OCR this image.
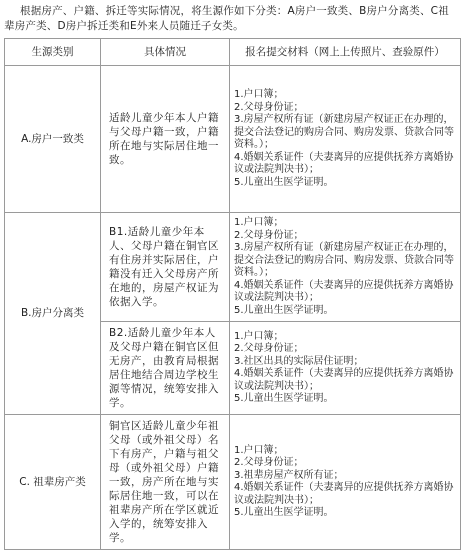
根据房产、户籍、拆迁等实际情况，将生源作如下分类：A房户一致类、B房户分离类、C祖辈房产类、D房户拆迁类和E外来人员随迁子女类。
生源类别	具体情况	报名提交材料（网上上传照片、查验原件）
A.房户一致类	适龄儿童少年本人户籍与父母户籍一致，户籍所在地与实际居住地一致。	1.户口簿；
2.父母身份证；
3.房屋产权所有证（新建房屋产权证正在办理的，提交合法登记的购房合同、购房发票、贷款合同等资料。）；
4.婚姻关系证件（夫妻离异的应提供抚养方离婚协议或法院判决书）；
5.儿童出生医学证明。

B.房户分离类	B1.适龄儿童少年本人、父母户籍在铜官区有住房并实际居住，户籍没有迁入父母房产所在地的，房屋产权证为依据入学。	1.户口簿；
2.父母身份证；
3.房屋产权所有证（新建房屋产权证正在办理的，提交合法登记的购房合同、购房发票、贷款合同等资料。）；
4.婚姻关系证件（夫妻离异的应提供抚养方离婚协议或法院判决书）；
5.儿童出生医学证明。

	B2.适龄儿童少年本人及父母户籍在铜官区但无房产，由教育局根据居住地结合周边学校生源等情况，统筹安排入学。	1.户口簿；
2.父母身份证；
3.社区出具的实际居住证明；
4.婚姻关系证件（夫妻离异的应提供抚养方离婚协议或法院判决书）；
5.儿童出生医学证明。

C. 祖辈房产类	铜官区适龄儿童少年祖父母（或外祖父母）名下有房产，户籍与祖父母（或外祖父母）户籍一致，房产所在地与实际居住地一致，可以在祖辈房产所在学区就近入学的，统筹安排入学。	1.户口簿；
2.父母身份证；
3.祖辈房屋产权所有证；
4.婚姻关系证件（夫妻离异的应提供抚养方离婚协议或法院判决书）；
5.儿童出生医学证明。
